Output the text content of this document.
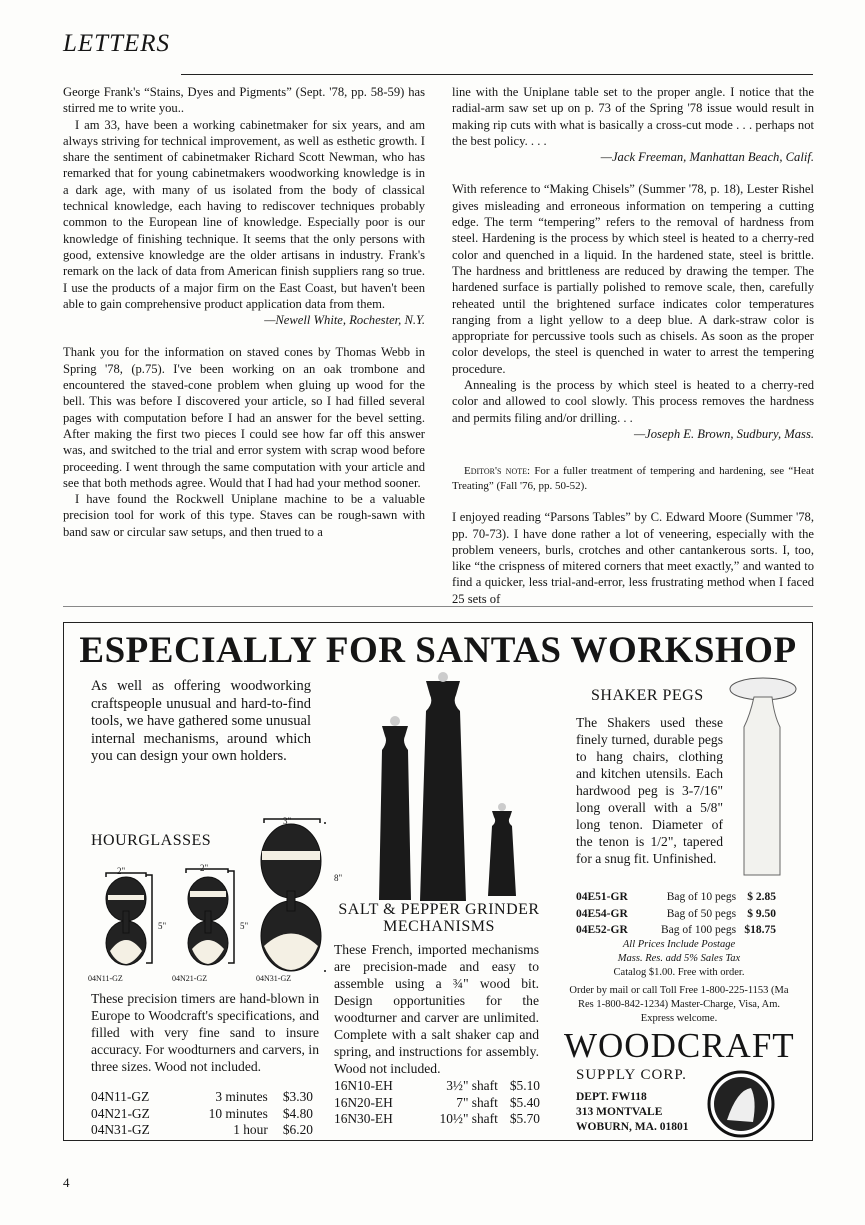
LETTERS

George Frank's “Stains, Dyes and Pigments” (Sept. '78, pp. 58-59) has stirred me to write you..

I am 33, have been a working cabinetmaker for six years, and am always striving for technical improvement, as well as esthetic growth. I share the sentiment of cabinetmaker Richard Scott Newman, who has remarked that for young cabinetmakers woodworking knowledge is in a dark age, with many of us isolated from the body of classical technical knowledge, each having to rediscover techniques probably common to the European line of knowledge. Especially poor is our knowledge of finishing technique. It seems that the only persons with good, extensive knowledge are the older artisans in industry. Frank's remark on the lack of data from American finish suppliers rang so true. I use the products of a major firm on the East Coast, but haven't been able to gain comprehensive product application data from them.

—Newell White, Rochester, N.Y.

Thank you for the information on staved cones by Thomas Webb in Spring '78, (p.75). I've been working on an oak trombone and encountered the staved-cone problem when gluing up wood for the bell. This was before I discovered your article, so I had filled several pages with computation before I had an answer for the bevel setting. After making the first two pieces I could see how far off this answer was, and switched to the trial and error system with scrap wood before proceeding. I went through the same computation with your article and see that both methods agree. Would that I had had your method sooner.

I have found the Rockwell Uniplane machine to be a valuable precision tool for work of this type. Staves can be rough-sawn with band saw or circular saw setups, and then trued to a

line with the Uniplane table set to the proper angle. I notice that the radial-arm saw set up on p. 73 of the Spring '78 issue would result in making rip cuts with what is basically a cross-cut mode . . . perhaps not the best policy. . . .

—Jack Freeman, Manhattan Beach, Calif.

With reference to “Making Chisels” (Summer '78, p. 18), Lester Rishel gives misleading and erroneous information on tempering a cutting edge. The term “tempering” refers to the removal of hardness from steel. Hardening is the process by which steel is heated to a cherry-red color and quenched in a liquid. In the hardened state, steel is brittle. The hardness and brittleness are reduced by drawing the temper. The hardened surface is partially polished to remove scale, then, carefully reheated until the brightened surface indicates color temperatures ranging from a light yellow to a deep blue. A dark-straw color is appropriate for percussive tools such as chisels. As soon as the proper color develops, the steel is quenched in water to arrest the tempering procedure.

Annealing is the process by which steel is heated to a cherry-red color and allowed to cool slowly. This process removes the hardness and permits filing and/or drilling. . .

—Joseph E. Brown, Sudbury, Mass.

Editor's note: For a fuller treatment of tempering and hardening, see “Heat Treating” (Fall '76, pp. 50-52).

I enjoyed reading “Parsons Tables” by C. Edward Moore (Summer '78, pp. 70-73). I have done rather a lot of veneering, especially with the problem veneers, burls, crotches and other cantankerous sorts. I, too, like “the crispness of mitered corners that meet exactly,” and wanted to find a quicker, less trial-and-error, less frustrating method when I faced 25 sets of

ESPECIALLY FOR SANTAS WORKSHOP
As well as offering woodworking craftspeople unusual and hard-to-find tools, we have gathered some unusual internal mechanisms, around which you can design your own holders.
HOURGLASSES
2"	2"
3"
5"	5"
8"
04N11-GZ	04N21-GZ	04N31-GZ
These precision timers are hand-blown in Europe to Woodcraft's specifications, and filled with very fine sand to insure accuracy. For woodturners and carvers, in three sizes. Wood not included.
04N11-GZ	3 minutes	$3.30
04N21-GZ	10 minutes	$4.80
04N31-GZ	1 hour	$6.20
SALT & PEPPER GRINDER MECHANISMS
These French, imported mechanisms are precision-made and easy to assemble using a ¾" wood bit. Design opportunities for the woodturner and carver are unlimited. Complete with a salt shaker cap and spring, and instructions for assembly. Wood not included.
16N10-EH	3½" shaft	$5.10
16N20-EH	7" shaft	$5.40
16N30-EH	10½" shaft	$5.70
SHAKER PEGS
The Shakers used these finely turned, durable pegs to hang chairs, clothing and kitchen utensils. Each hardwood peg is 3-7/16" long overall with a 5/8" long tenon. Diameter of the tenon is 1/2", tapered for a snug fit. Unfinished.
04E51-GR	Bag of 10 pegs	$ 2.85
04E54-GR	Bag of 50 pegs	$ 9.50
04E52-GR	Bag of 100 pegs	$18.75
All Prices Include Postage
Mass. Res. add 5% Sales Tax
Catalog $1.00. Free with order.
Order by mail or call Toll Free 1-800-225-1153 (Ma Res 1-800-842-1234) Master-Charge, Visa, Am. Express welcome.
WOODCRAFT
SUPPLY CORP.
DEPT. FW118
313 MONTVALE
WOBURN, MA. 01801
4
